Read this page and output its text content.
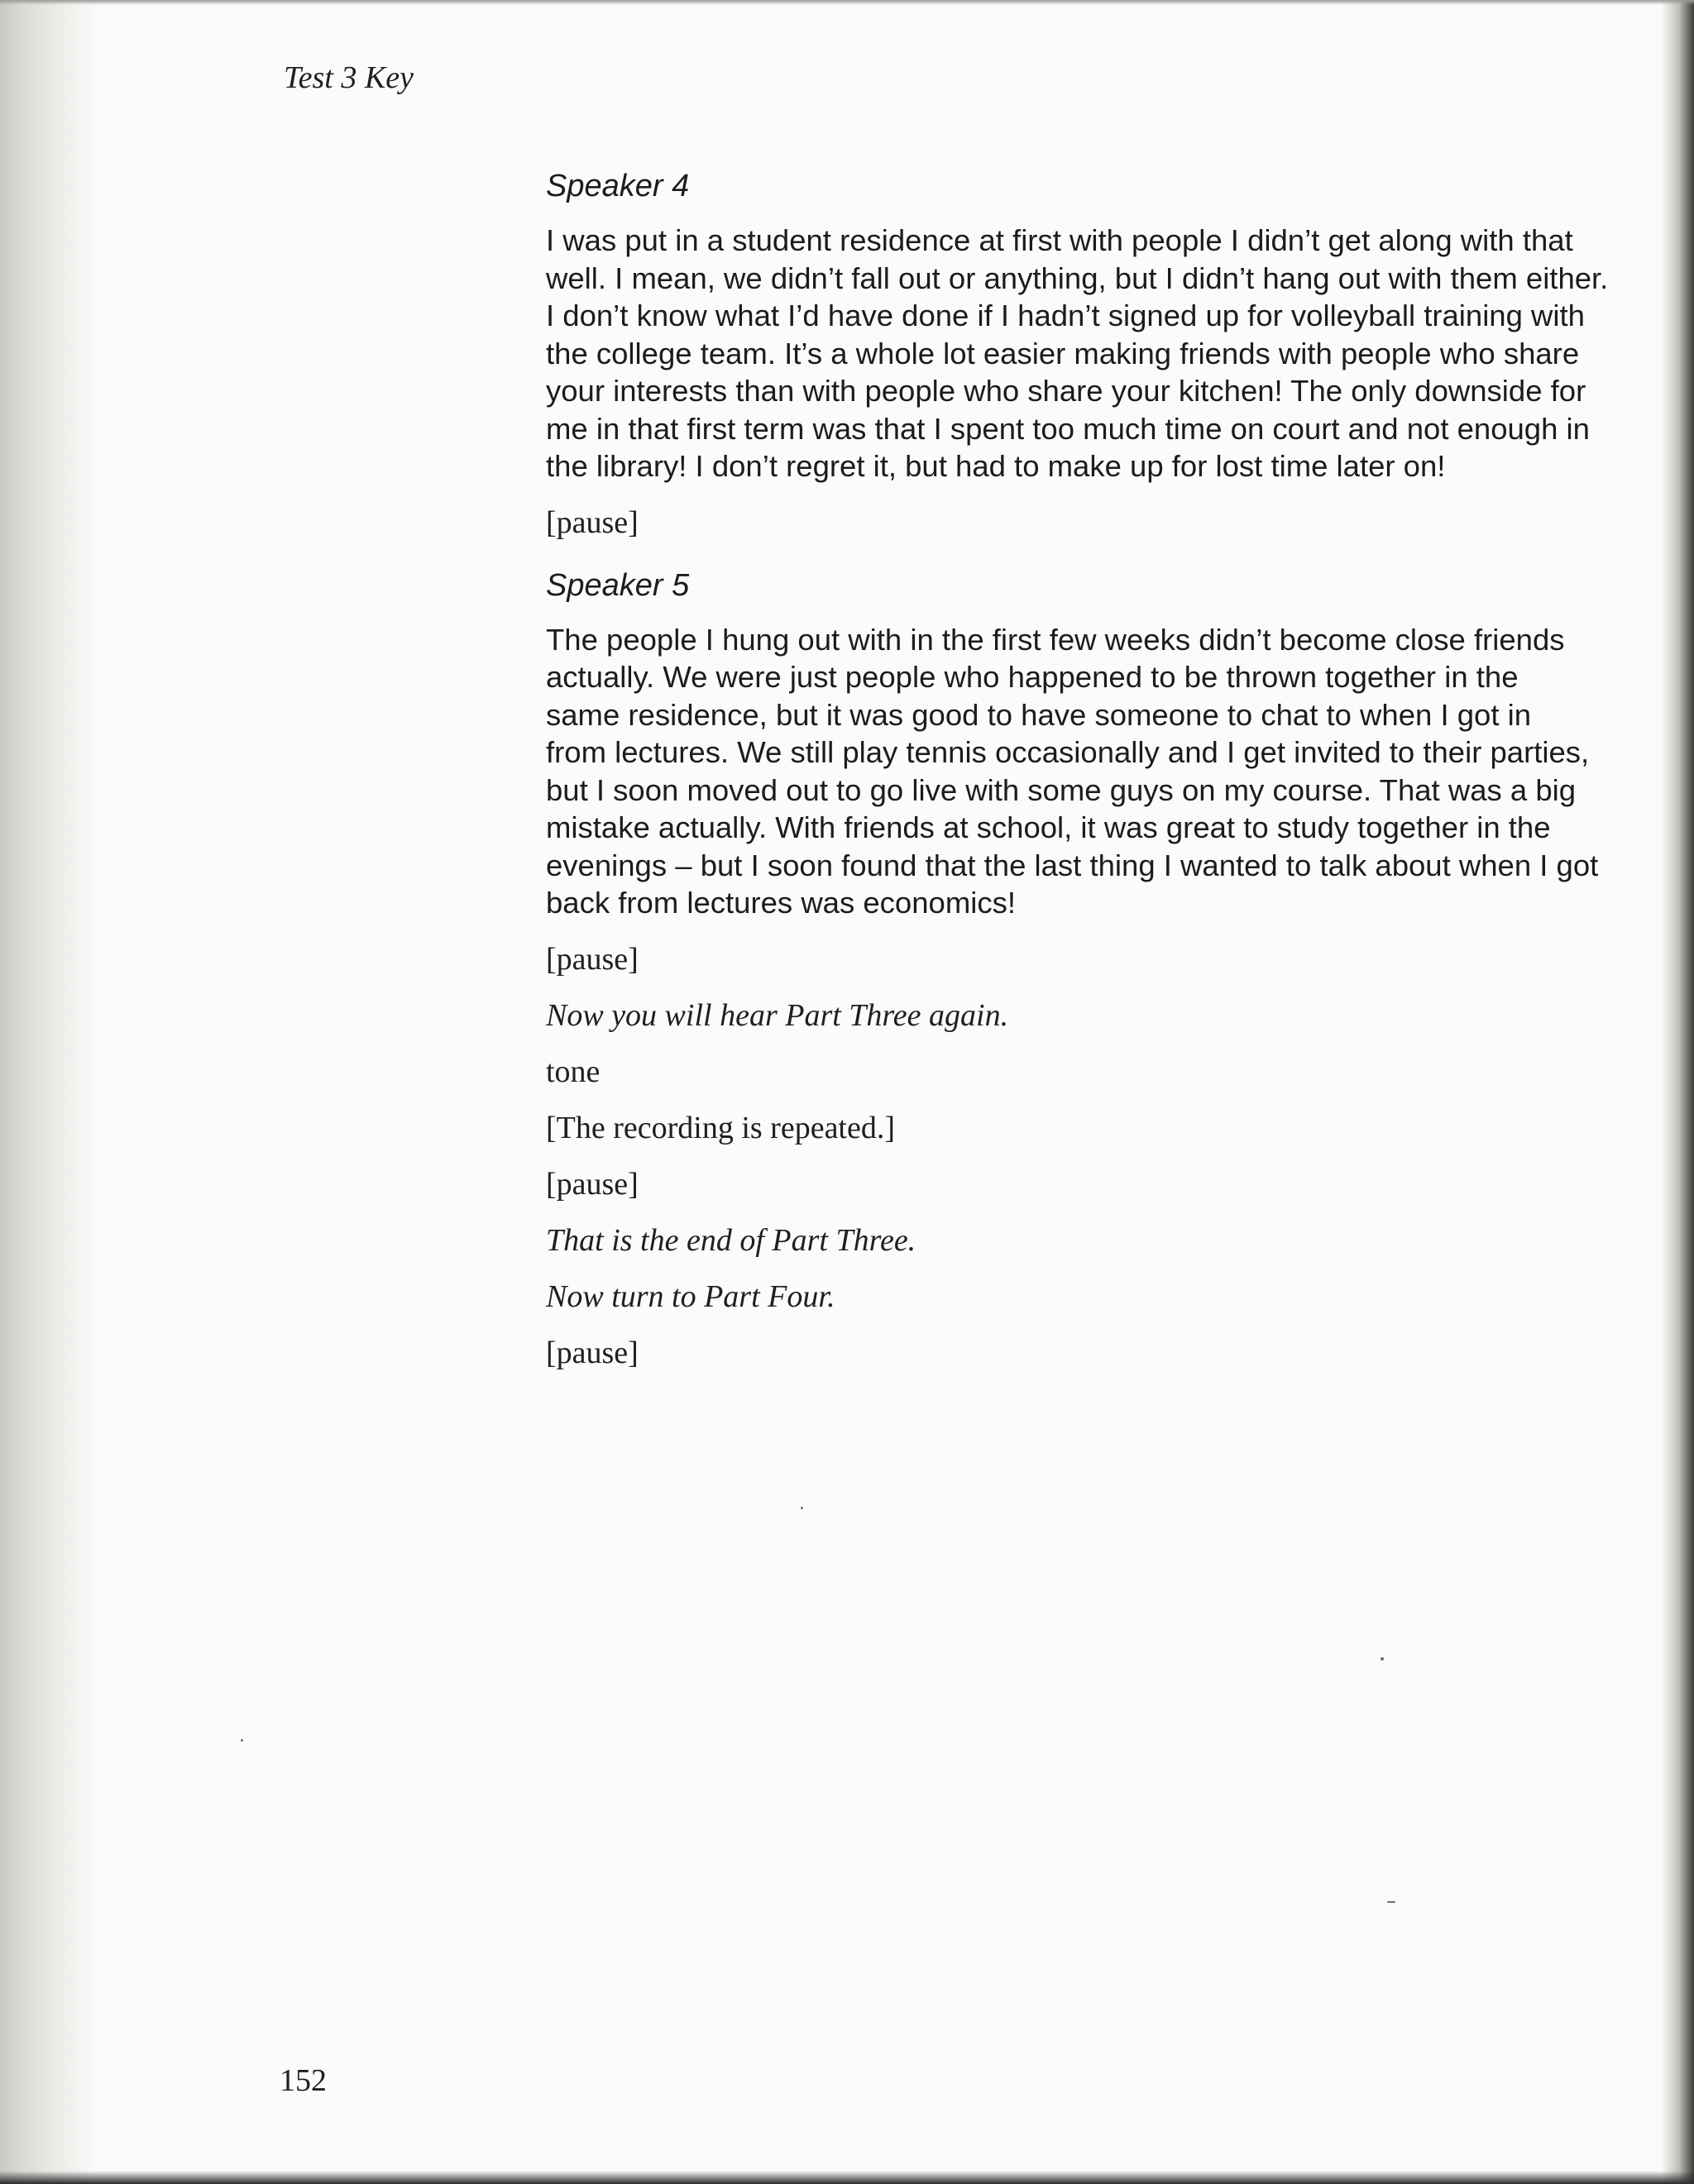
Test 3 Key

Speaker 4

I was put in a student residence at first with people I didn’t get along with that
well. I mean, we didn’t fall out or anything, but I didn’t hang out with them either.
I don’t know what I’d have done if I hadn’t signed up for volleyball training with
the college team. It’s a whole lot easier making friends with people who share
your interests than with people who share your kitchen! The only downside for
me in that first term was that I spent too much time on court and not enough in
the library! I don’t regret it, but had to make up for lost time later on!

[pause]

Speaker 5

The people I hung out with in the first few weeks didn’t become close friends
actually. We were just people who happened to be thrown together in the
same residence, but it was good to have someone to chat to when I got in
from lectures. We still play tennis occasionally and I get invited to their parties,
but I soon moved out to go live with some guys on my course. That was a big
mistake actually. With friends at school, it was great to study together in the
evenings – but I soon found that the last thing I wanted to talk about when I got
back from lectures was economics!

[pause]

Now you will hear Part Three again.

tone

[The recording is repeated.]

[pause]

That is the end of Part Three.

Now turn to Part Four.

[pause]

152
